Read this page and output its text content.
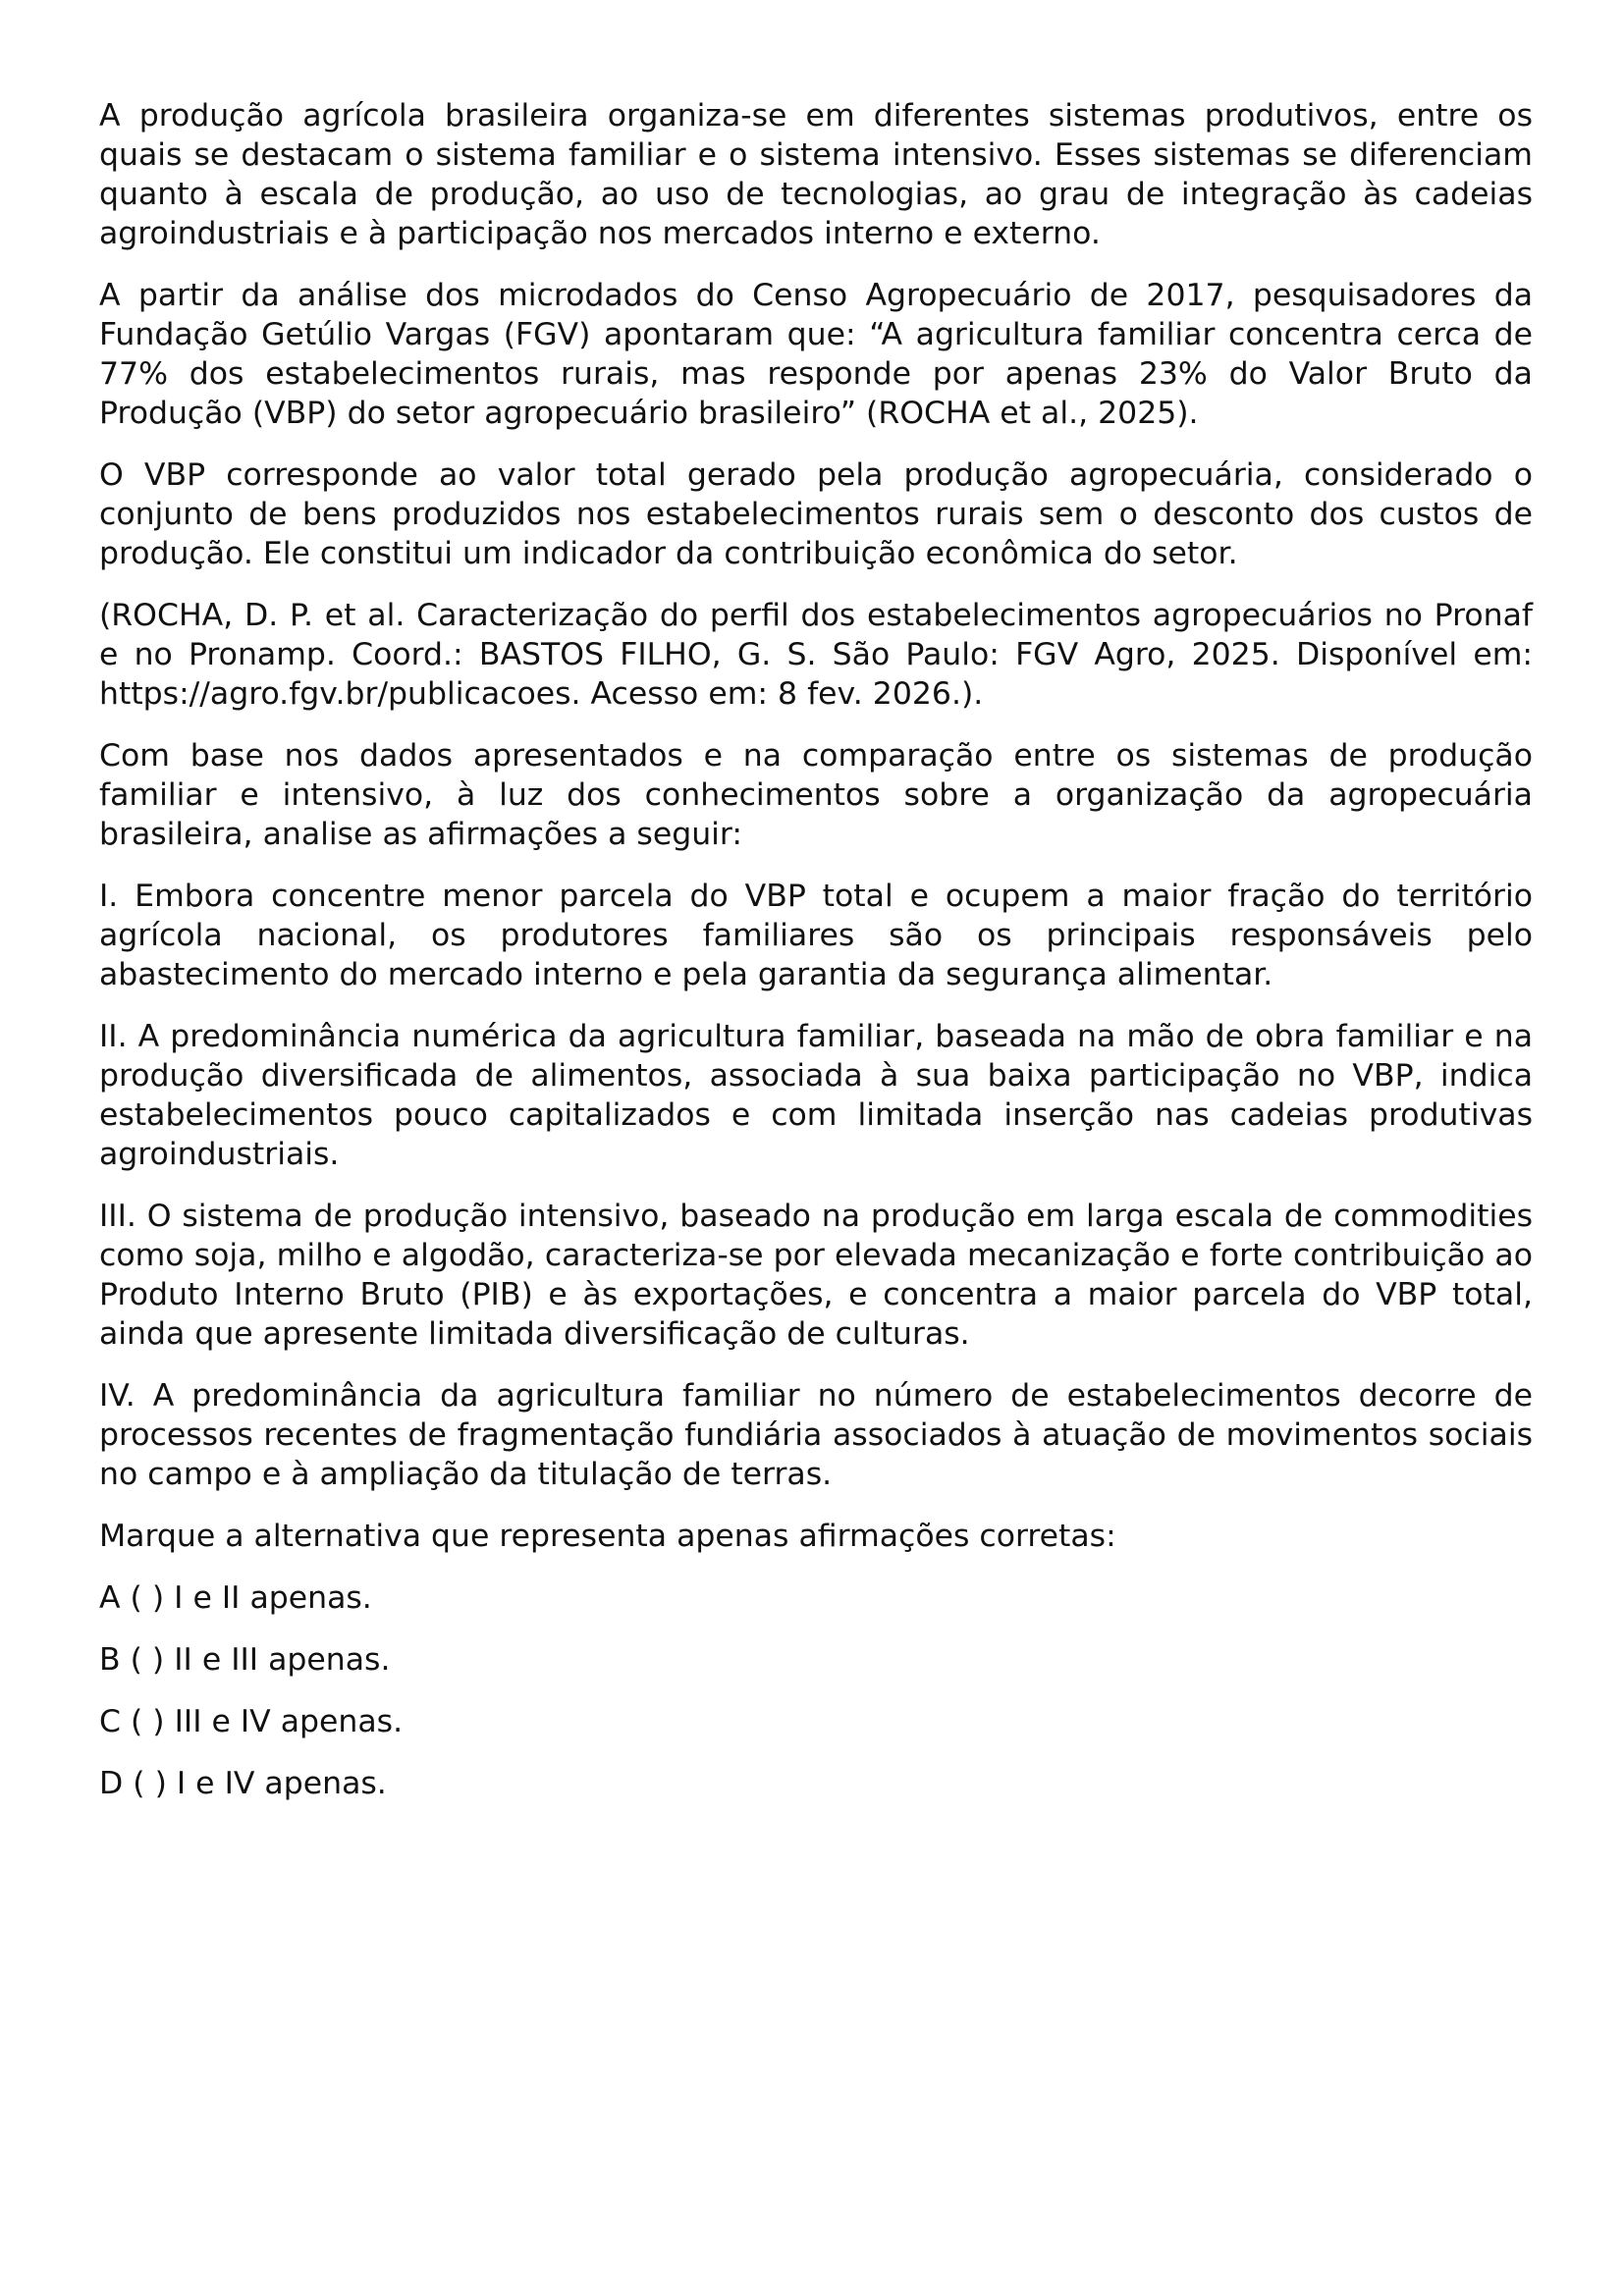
A produção agrícola brasileira organiza-se em diferentes sistemas produtivos, entre os quais se destacam o sistema familiar e o sistema intensivo. Esses sistemas se diferenciam quanto à escala de produção, ao uso de tecnologias, ao grau de integração às cadeias agroindustriais e à participação nos mercados interno e externo.

A partir da análise dos microdados do Censo Agropecuário de 2017, pesquisadores da Fundação Getúlio Vargas (FGV) apontaram que: “A agricultura familiar concentra cerca de 77% dos estabelecimentos rurais, mas responde por apenas 23% do Valor Bruto da Produção (VBP) do setor agropecuário brasileiro” (ROCHA et al., 2025).

O VBP corresponde ao valor total gerado pela produção agropecuária, considerado o conjunto de bens produzidos nos estabelecimentos rurais sem o desconto dos custos de produção. Ele constitui um indicador da contribuição econômica do setor.

(ROCHA, D. P. et al. Caracterização do perfil dos estabelecimentos agropecuários no Pronaf e no Pronamp. Coord.: BASTOS FILHO, G. S. São Paulo: FGV Agro, 2025. Disponível em: https://agro.fgv.br/publicacoes. Acesso em: 8 fev. 2026.).

Com base nos dados apresentados e na comparação entre os sistemas de produção familiar e intensivo, à luz dos conhecimentos sobre a organização da agropecuária brasileira, analise as afirmações a seguir:

I. Embora concentre menor parcela do VBP total e ocupem a maior fração do território agrícola nacional, os produtores familiares são os principais responsáveis pelo abastecimento do mercado interno e pela garantia da segurança alimentar.

II. A predominância numérica da agricultura familiar, baseada na mão de obra familiar e na produção diversificada de alimentos, associada à sua baixa participação no VBP, indica estabelecimentos pouco capitalizados e com limitada inserção nas cadeias produtivas agroindustriais.

III. O sistema de produção intensivo, baseado na produção em larga escala de commodities como soja, milho e algodão, caracteriza-se por elevada mecanização e forte contribuição ao Produto Interno Bruto (PIB) e às exportações, e concentra a maior parcela do VBP total, ainda que apresente limitada diversificação de culturas.

IV. A predominância da agricultura familiar no número de estabelecimentos decorre de processos recentes de fragmentação fundiária associados à atuação de movimentos sociais no campo e à ampliação da titulação de terras.

Marque a alternativa que representa apenas afirmações corretas:

A ( ) I e II apenas.

B ( ) II e III apenas.

C ( ) III e IV apenas.

D ( ) I e IV apenas.
